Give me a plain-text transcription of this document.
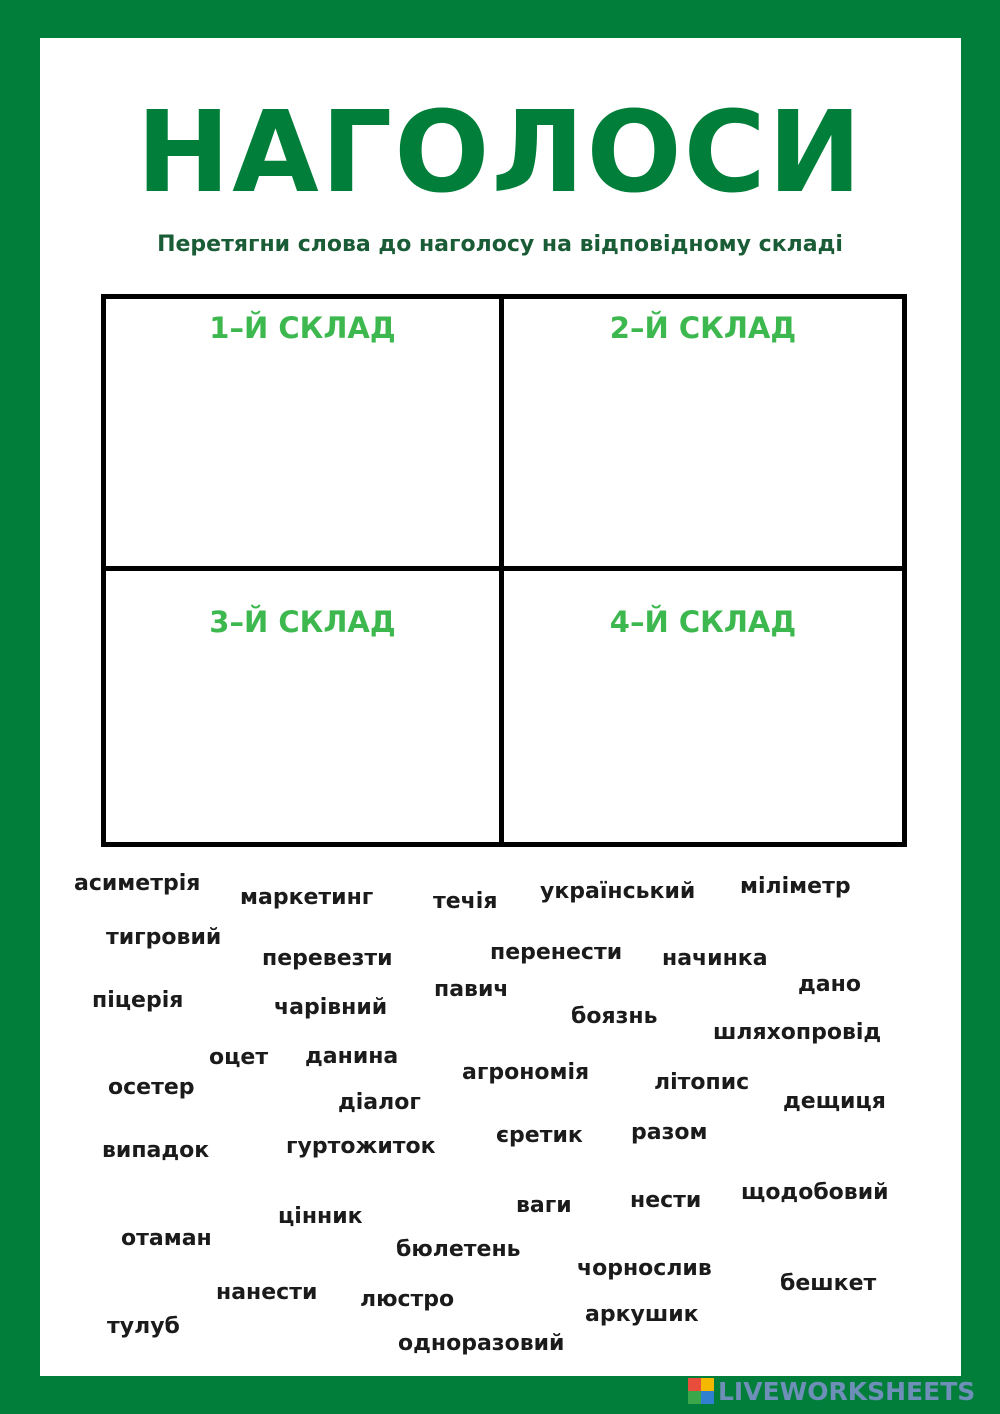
НАГОЛОСИ
Перетягни слова до наголосу на відповідному складі
1–Й СКЛАД	2–Й СКЛАД
3–Й СКЛАД	4–Й СКЛАД
асиметрія
маркетинг	течія український міліметр
тигровий
перевезти	перенести начинка
дано
піцерія	чарівний
павич
боязнь
шляхопровід
оцет данина
агрономія	літопис
осетер
діалог	дещиця
випадок	гуртожиток	єретик разом
щодобовий
ваги	нести
цінник
отаман	бюлетень
чорнослив
бешкет
нанести люстро
тулуб	аркушик
одноразовий
LIVEWORKSHEETS
